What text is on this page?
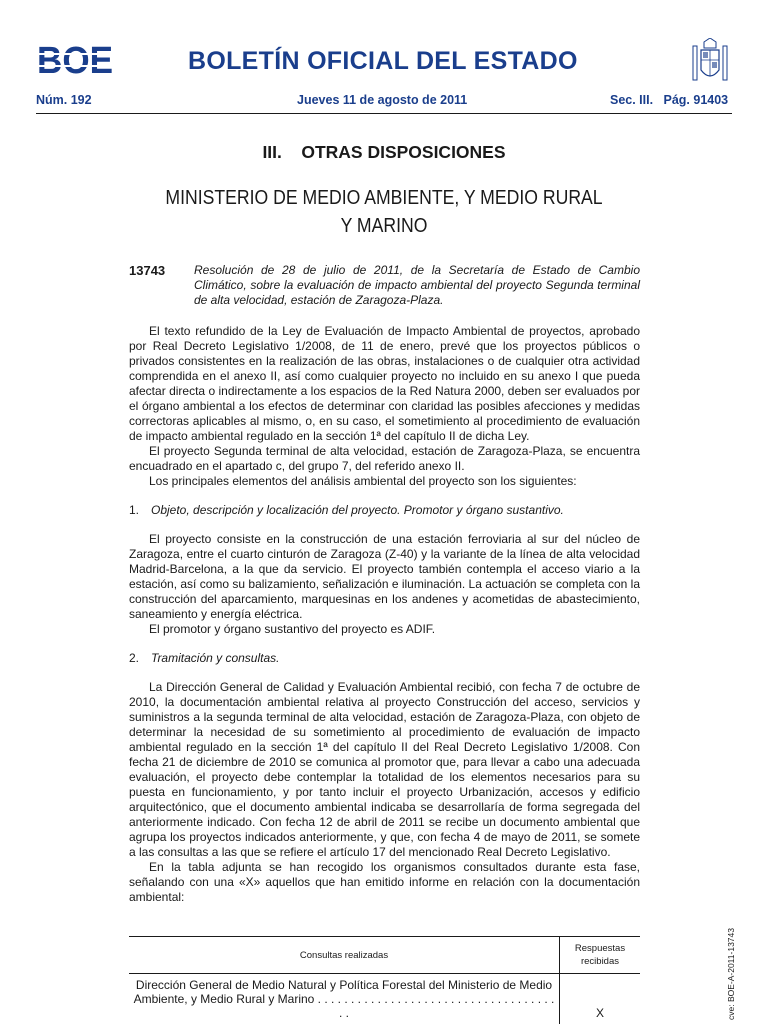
BOE	BOLETÍN OFICIAL DEL ESTADO
Núm. 192	Jueves 11 de agosto de 2011	Sec. III.   Pág. 91403
III.    OTRAS DISPOSICIONES
MINISTERIO DE MEDIO AMBIENTE, Y MEDIO RURAL
Y MARINO
13743 Resolución de 28 de julio de 2011, de la Secretaría de Estado de Cambio Climático, sobre la evaluación de impacto ambiental del proyecto Segunda terminal de alta velocidad, estación de Zaragoza-Plaza.

El texto refundido de la Ley de Evaluación de Impacto Ambiental de proyectos, aprobado por Real Decreto Legislativo 1/2008, de 11 de enero, prevé que los proyectos públicos o privados consistentes en la realización de las obras, instalaciones o de cualquier otra actividad comprendida en el anexo II, así como cualquier proyecto no incluido en su anexo I que pueda afectar directa o indirectamente a los espacios de la Red Natura 2000, deben ser evaluados por el órgano ambiental a los efectos de determinar con claridad las posibles afecciones y medidas correctoras aplicables al mismo, o, en su caso, el sometimiento al procedimiento de evaluación de impacto ambiental regulado en la sección 1ª del capítulo II de dicha Ley.

El proyecto Segunda terminal de alta velocidad, estación de Zaragoza-Plaza, se encuentra encuadrado en el apartado c, del grupo 7, del referido anexo II.

Los principales elementos del análisis ambiental del proyecto son los siguientes:

1. Objeto, descripción y localización del proyecto. Promotor y órgano sustantivo.

El proyecto consiste en la construcción de una estación ferroviaria al sur del núcleo de Zaragoza, entre el cuarto cinturón de Zaragoza (Z-40) y la variante de la línea de alta velocidad Madrid-Barcelona, a la que da servicio. El proyecto también contempla el acceso viario a la estación, así como su balizamiento, señalización e iluminación. La actuación se completa con la construcción del aparcamiento, marquesinas en los andenes y acometidas de abastecimiento, saneamiento y energía eléctrica.

El promotor y órgano sustantivo del proyecto es ADIF.

2. Tramitación y consultas.

La Dirección General de Calidad y Evaluación Ambiental recibió, con fecha 7 de octubre de 2010, la documentación ambiental relativa al proyecto Construcción del acceso, servicios y suministros a la segunda terminal de alta velocidad, estación de Zaragoza-Plaza, con objeto de determinar la necesidad de su sometimiento al procedimiento de evaluación de impacto ambiental regulado en la sección 1ª del capítulo II del Real Decreto Legislativo 1/2008. Con fecha 21 de diciembre de 2010 se comunica al promotor que, para llevar a cabo una adecuada evaluación, el proyecto debe contemplar la totalidad de los elementos necesarios para su puesta en funcionamiento, y por tanto incluir el proyecto Urbanización, accesos y edificio arquitectónico, que el documento ambiental indicaba se desarrollaría de forma segregada del anteriormente indicado. Con fecha 12 de abril de 2011 se recibe un documento ambiental que agrupa los proyectos indicados anteriormente, y que, con fecha 4 de mayo de 2011, se somete a las consultas a las que se refiere el artículo 17 del mencionado Real Decreto Legislativo.

En la tabla adjunta se han recogido los organismos consultados durante esta fase, señalando con una «X» aquellos que han emitido informe en relación con la documentación ambiental:

Consultas realizadas	Respuestas recibidas
Dirección General de Medio Natural y Política Forestal del Ministerio de Medio Ambiente, y Medio Rural y Marino . . . . . . . . . . . . . . . . . . . . . . . . . . . . . . . . . . . . . .	X	cve: BOE-A-2011-13743
